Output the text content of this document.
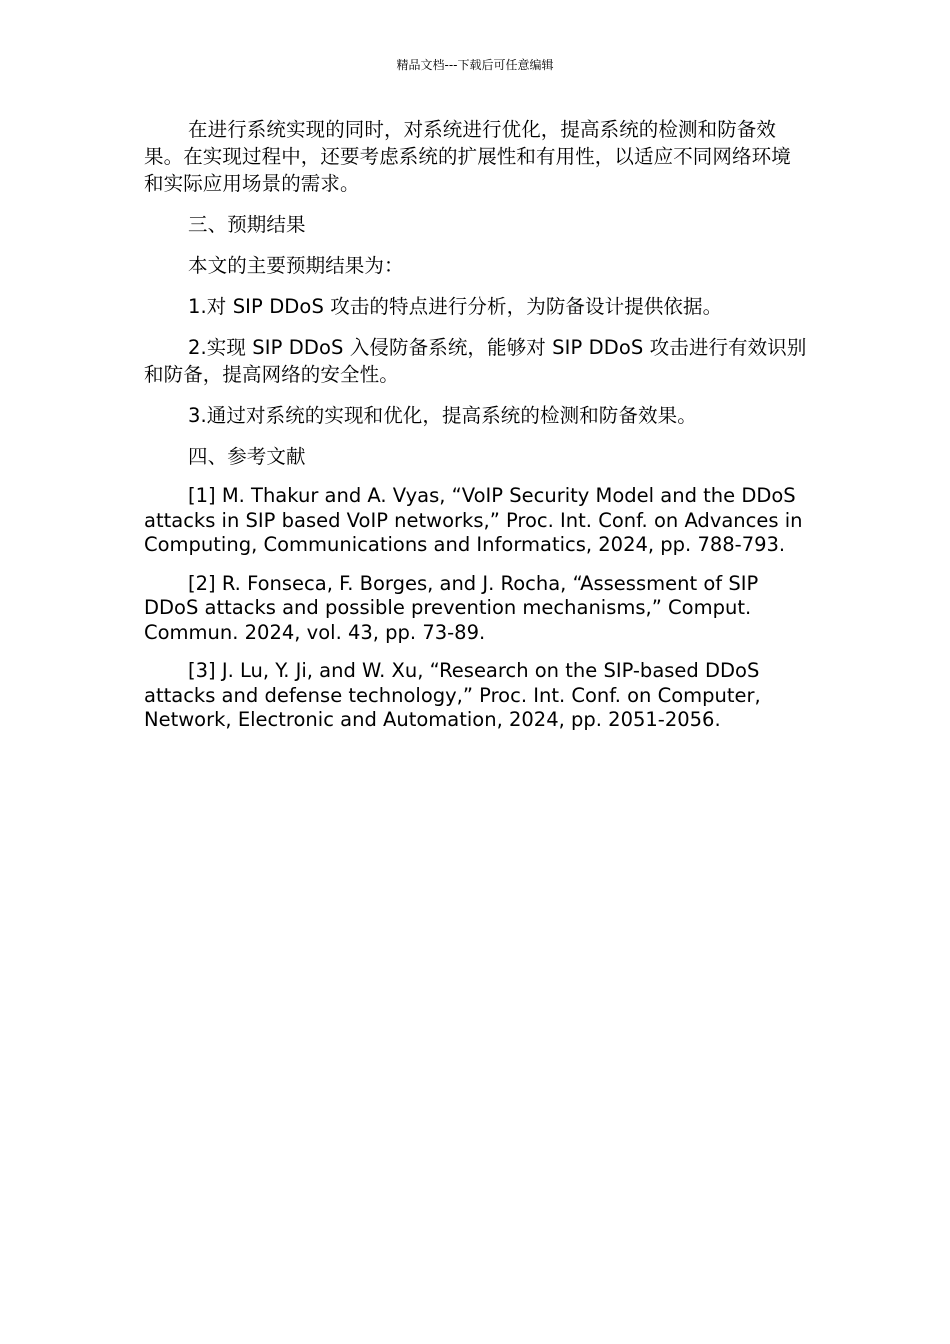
精品文档---下载后可任意编辑

在进行系统实现的同时，对系统进行优化，提高系统的检测和防备效果。在实现过程中，还要考虑系统的扩展性和有用性，以适应不同网络环境和实际应用场景的需求。

三、预期结果

本文的主要预期结果为：

1.对 SIP DDoS 攻击的特点进行分析，为防备设计提供依据。

2.实现 SIP DDoS 入侵防备系统，能够对 SIP DDoS 攻击进行有效识别和防备，提高网络的安全性。

3.通过对系统的实现和优化，提高系统的检测和防备效果。

四、参考文献

[1] M. Thakur and A. Vyas, “VoIP Security Model and the DDoS attacks in SIP based VoIP networks,” Proc. Int. Conf. on Advances in Computing, Communications and Informatics, 2024, pp. 788-793.

[2] R. Fonseca, F. Borges, and J. Rocha, “Assessment of SIP DDoS attacks and possible prevention mechanisms,” Comput. Commun. 2024, vol. 43, pp. 73-89.

[3] J. Lu, Y. Ji, and W. Xu, “Research on the SIP-based DDoS attacks and defense technology,” Proc. Int. Conf. on Computer, Network, Electronic and Automation, 2024, pp. 2051-2056.
